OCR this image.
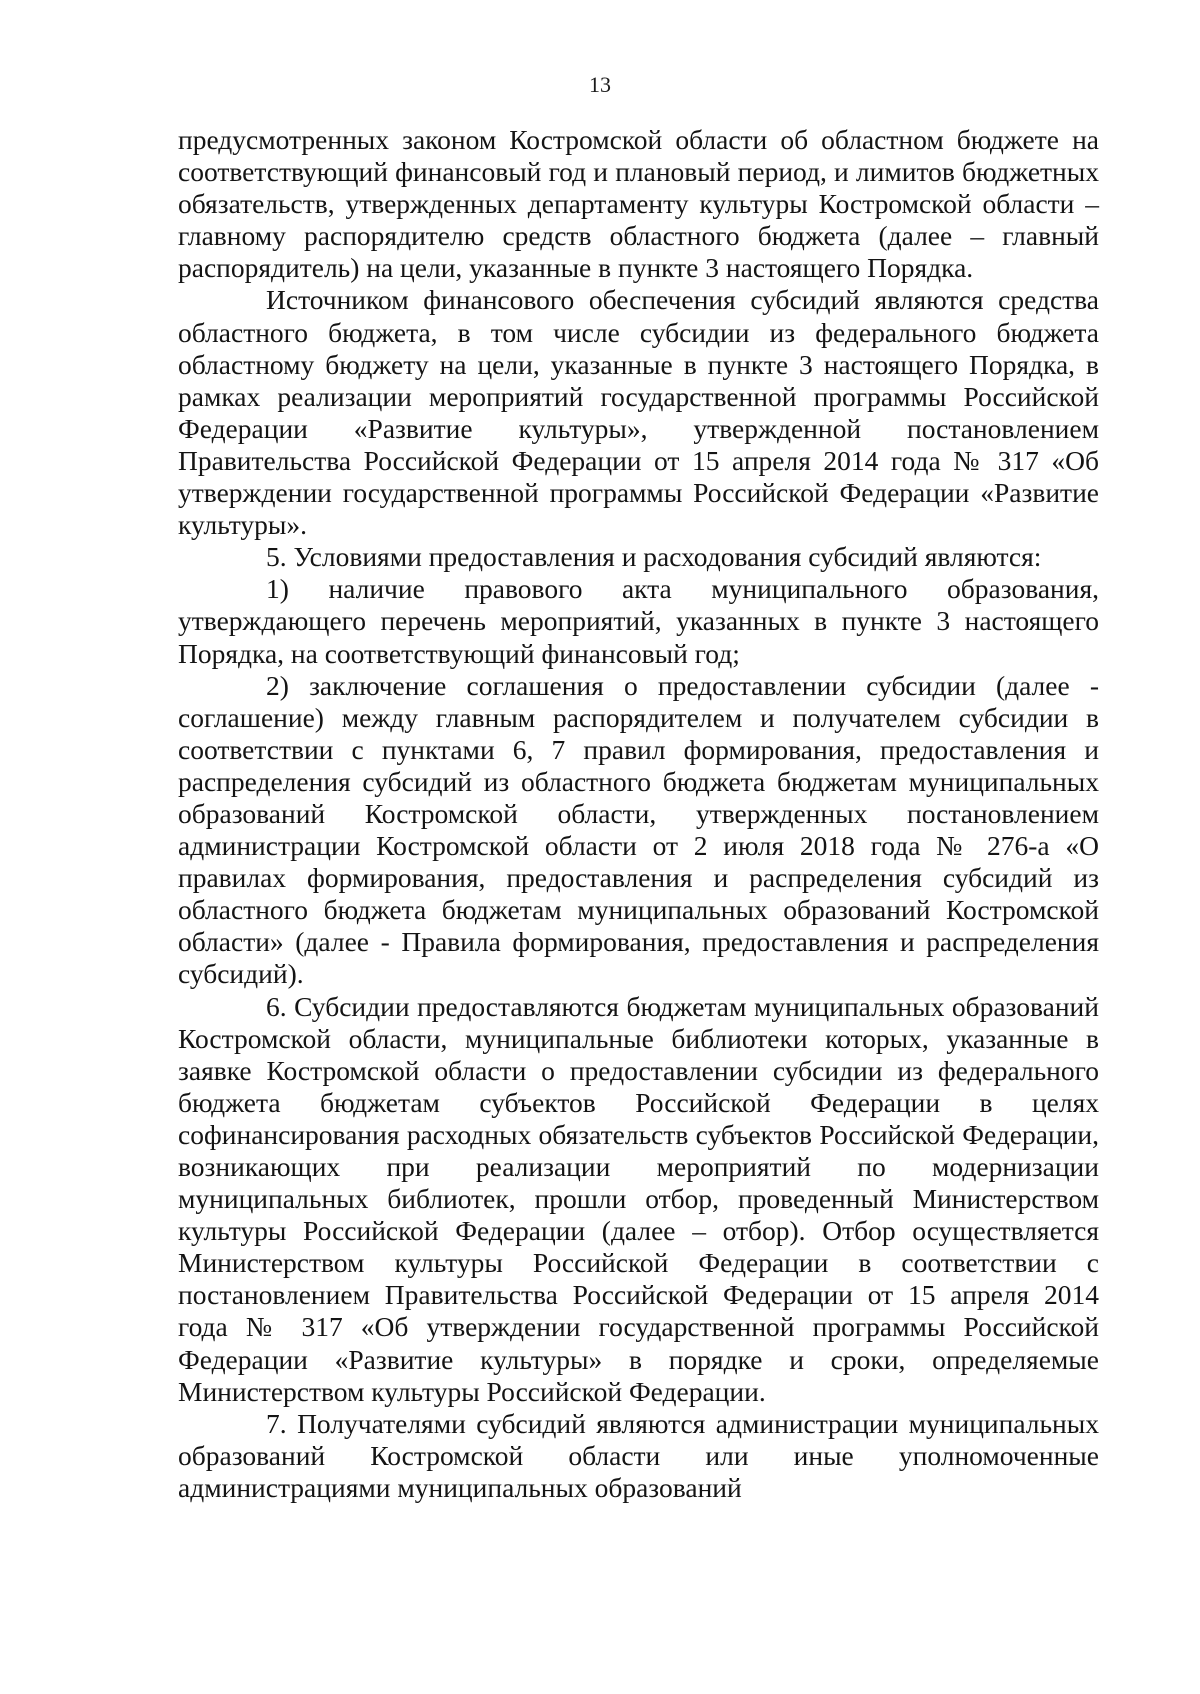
13

предусмотренных законом Костромской области об областном бюджете на соответствующий финансовый год и плановый период, и лимитов бюджетных обязательств, утвержденных департаменту культуры Костромской области – главному распорядителю средств областного бюджета (далее – главный распорядитель) на цели, указанные в пункте 3 настоящего Порядка.

Источником финансового обеспечения субсидий являются средства областного бюджета, в том числе субсидии из федерального бюджета областному бюджету на цели, указанные в пункте 3 настоящего Порядка, в рамках реализации мероприятий государственной программы Российской Федерации «Развитие культуры», утвержденной постановлением Правительства Российской Федерации от 15 апреля 2014 года № 317 «Об утверждении государственной программы Российской Федерации «Развитие культуры».

5. Условиями предоставления и расходования субсидий являются:

1) наличие правового акта муниципального образования, утверждающего перечень мероприятий, указанных в пункте 3 настоящего Порядка, на соответствующий финансовый год;

2) заключение соглашения о предоставлении субсидии (далее - соглашение) между главным распорядителем и получателем субсидии в соответствии с пунктами 6, 7 правил формирования, предоставления и распределения субсидий из областного бюджета бюджетам муниципальных образований Костромской области, утвержденных постановлением администрации Костромской области от 2 июля 2018 года № 276-а «О правилах формирования, предоставления и распределения субсидий из областного бюджета бюджетам муниципальных образований Костромской области» (далее - Правила формирования, предоставления и распределения субсидий).

6. Субсидии предоставляются бюджетам муниципальных образований Костромской области, муниципальные библиотеки которых, указанные в заявке Костромской области о предоставлении субсидии из федерального бюджета бюджетам субъектов Российской Федерации в целях софинансирования расходных обязательств субъектов Российской Федерации, возникающих при реализации мероприятий по модернизации муниципальных библиотек, прошли отбор, проведенный Министерством культуры Российской Федерации (далее – отбор). Отбор осуществляется Министерством культуры Российской Федерации в соответствии с постановлением Правительства Российской Федерации от 15 апреля 2014 года № 317 «Об утверждении государственной программы Российской Федерации «Развитие культуры» в порядке и сроки, определяемые Министерством культуры Российской Федерации.

7. Получателями субсидий являются администрации муниципальных образований Костромской области или иные уполномоченные администрациями муниципальных образований
